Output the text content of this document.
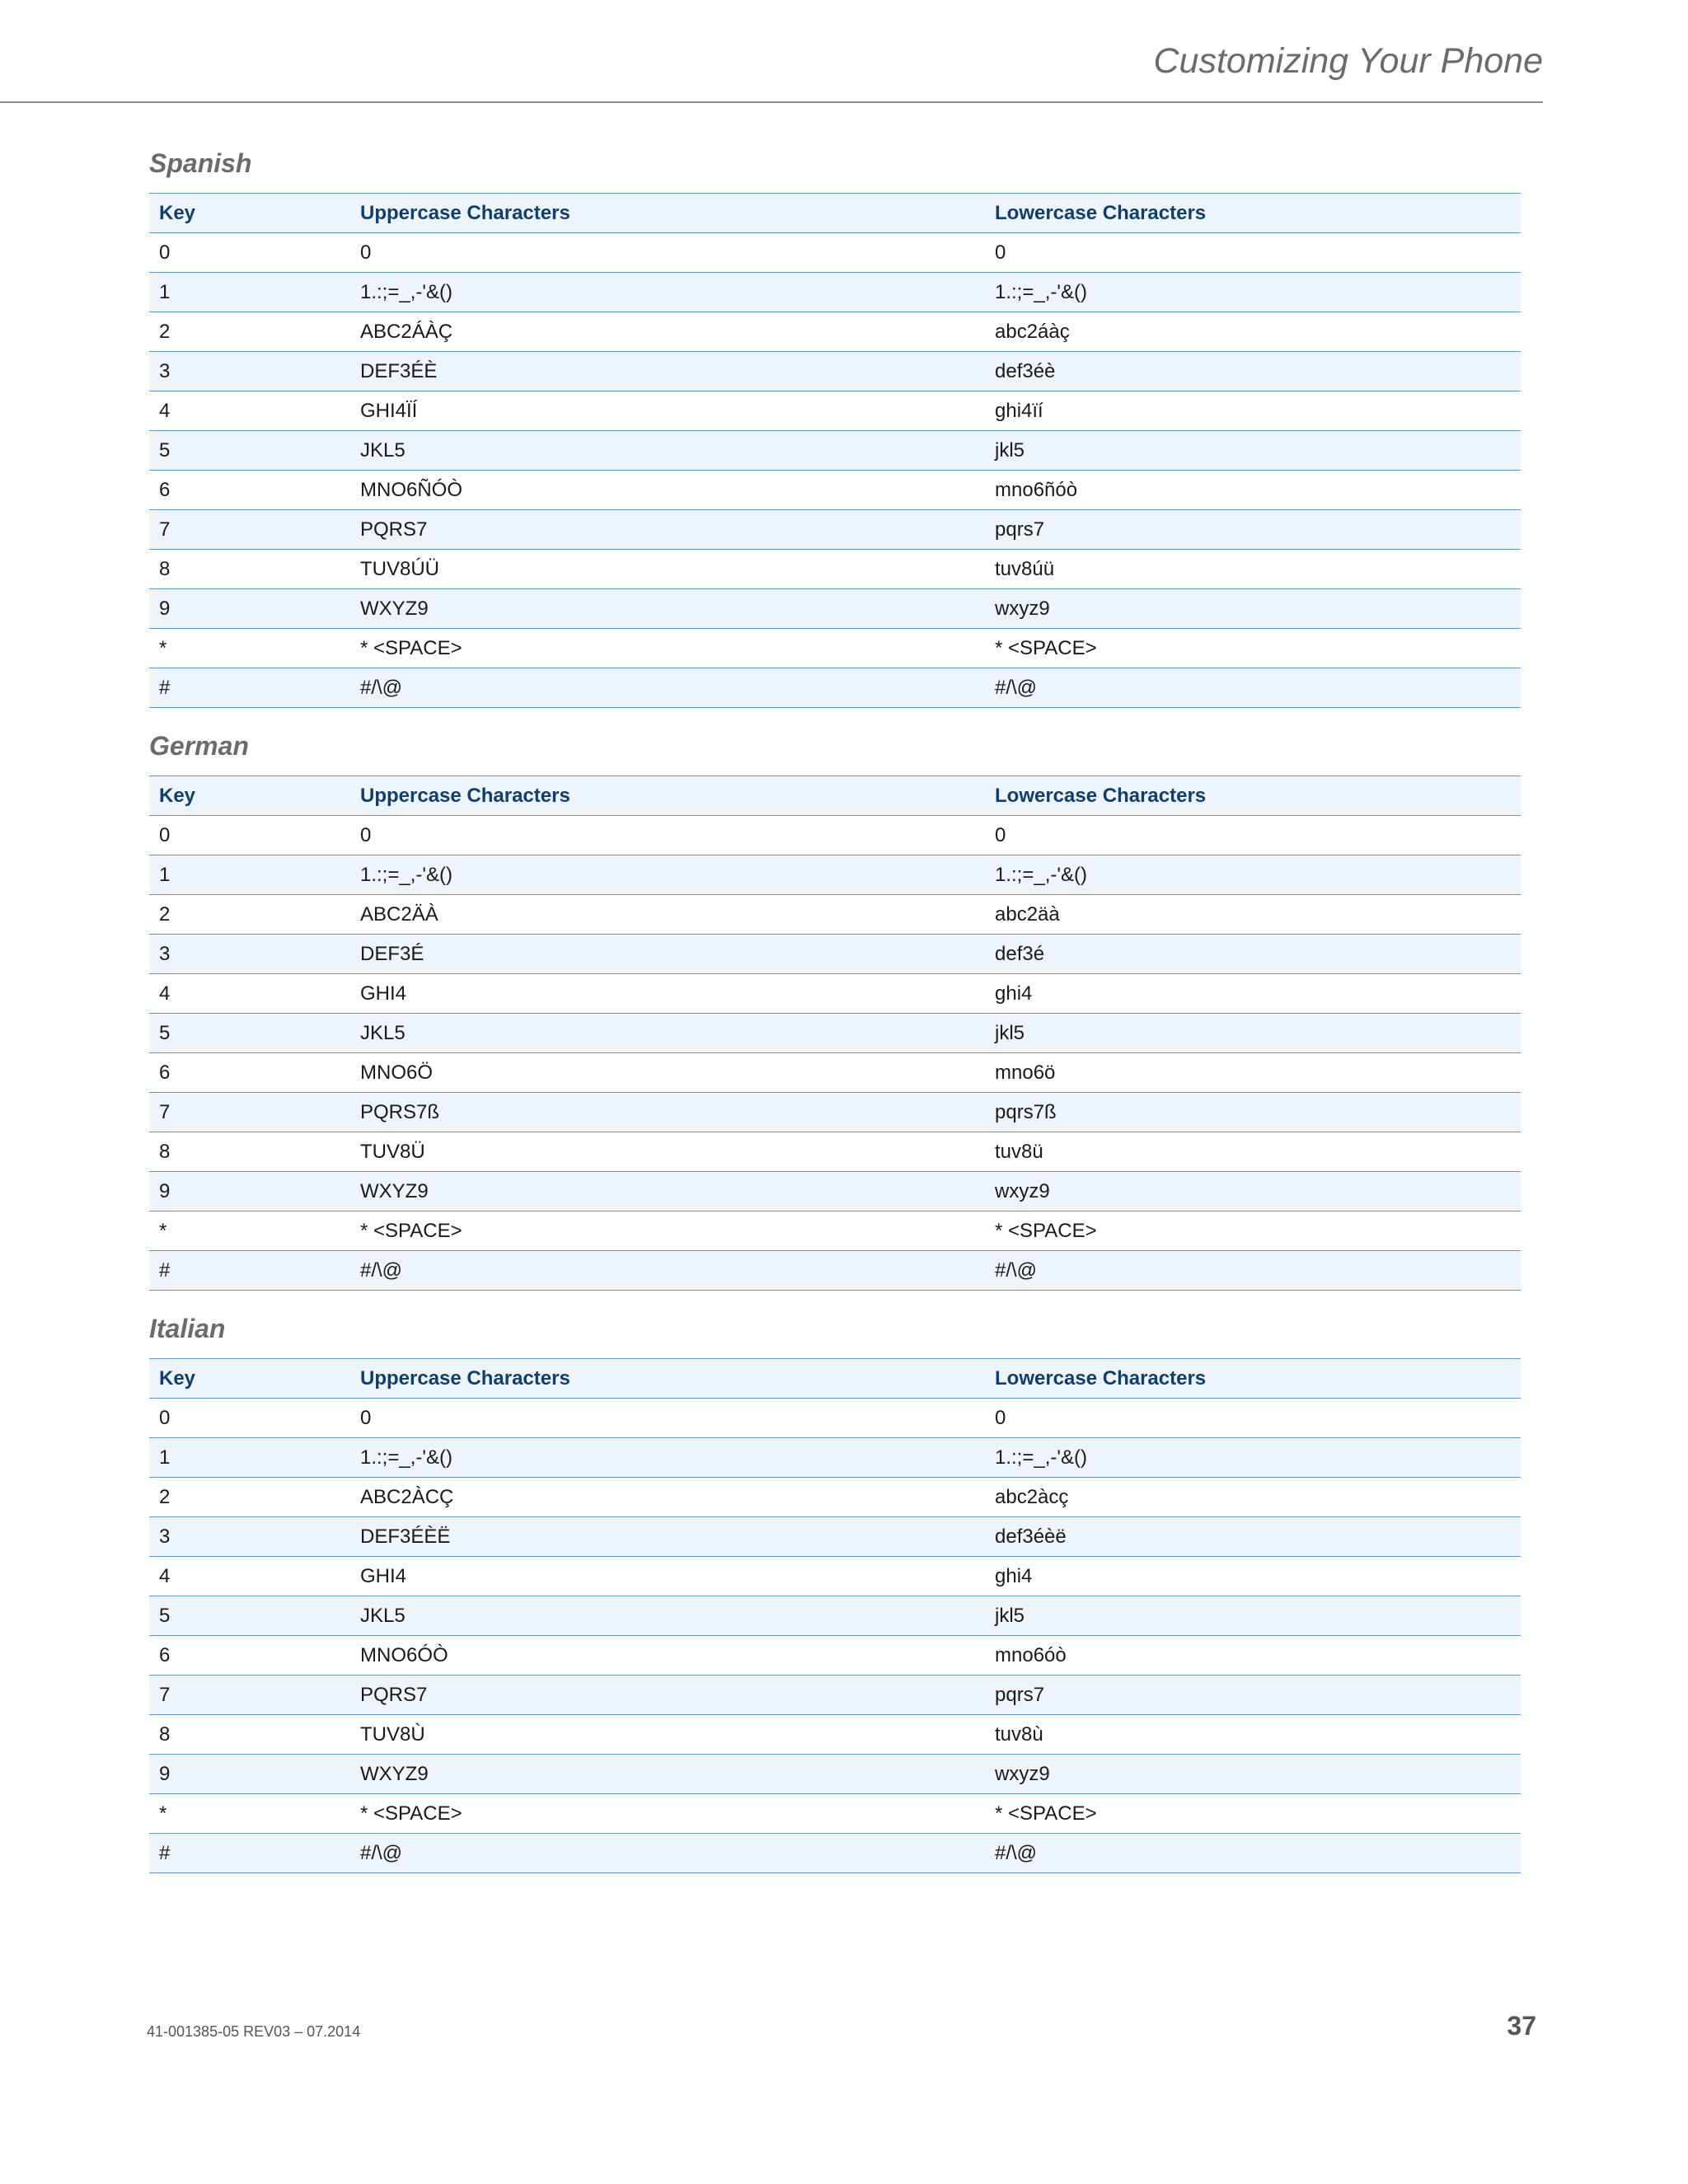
Customizing Your Phone
Spanish
Key	Uppercase Characters	Lowercase Characters
0	0	0
1	1.:;=_,-'&()	1.:;=_,-'&()
2	ABC2ÁÀÇ	abc2áàç
3	DEF3ÉÈ	def3éè
4	GHI4ÏÍ	ghi4ïí
5	JKL5	jkl5
6	MNO6ÑÓÒ	mno6ñóò
7	PQRS7	pqrs7
8	TUV8ÚÜ	tuv8úü
9	WXYZ9	wxyz9
*	* <SPACE>	* <SPACE>
#	#/\@	#/\@
German
Key	Uppercase Characters	Lowercase Characters
0	0	0
1	1.:;=_,-'&()	1.:;=_,-'&()
2	ABC2ÄÀ	abc2äà
3	DEF3É	def3é
4	GHI4	ghi4
5	JKL5	jkl5
6	MNO6Ö	mno6ö
7	PQRS7ß	pqrs7ß
8	TUV8Ü	tuv8ü
9	WXYZ9	wxyz9
*	* <SPACE>	* <SPACE>
#	#/\@	#/\@
Italian
Key	Uppercase Characters	Lowercase Characters
0	0	0
1	1.:;=_,-'&()	1.:;=_,-'&()
2	ABC2ÀCÇ	abc2àcç
3	DEF3ÉÈË	def3éèë
4	GHI4	ghi4
5	JKL5	jkl5
6	MNO6ÓÒ	mno6óò
7	PQRS7	pqrs7
8	TUV8Ù	tuv8ù
9	WXYZ9	wxyz9
*	* <SPACE>	* <SPACE>
#	#/\@	#/\@
41-001385-05 REV03 – 07.2014	37
